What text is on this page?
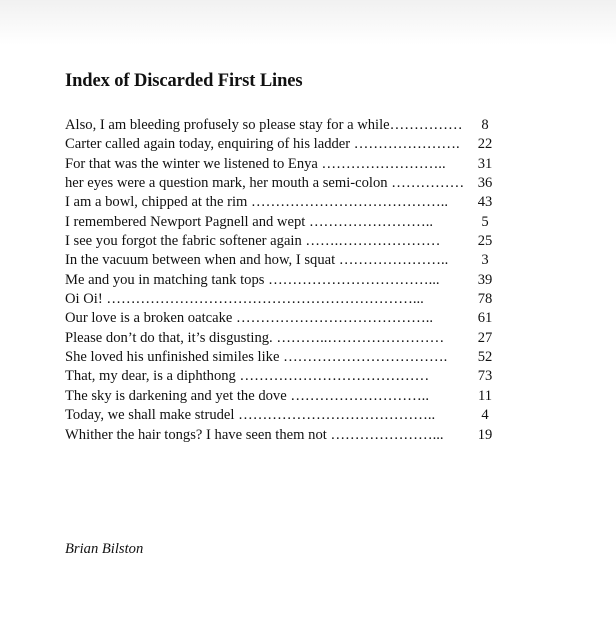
Index of Discarded First Lines
Also, I am bleeding profusely so please stay for a while……………	8
Carter called again today, enquiring of his ladder ………………….	22
For that was the winter we listened to Enya ……………………..	31
her eyes were a question mark, her mouth a semi-colon …………… 36
I am a bowl, chipped at the rim …………………………………..	43
I remembered Newport Pagnell and wept ……………………..	5
I see you forgot the fabric softener again …….…………………	25
In the vacuum between when and how, I squat …………………..	3
Me and you in matching tank tops ……………………………...	39
Oi Oi! ………………………………………………………...	78
Our love is a broken oatcake …………………………………..	61
Please don’t do that, it’s disgusting. ………..……………………	27
She loved his unfinished similes like …………………………….	52
That, my dear, is a diphthong …………………………………	73
The sky is darkening and yet the dove ………………………..	11
Today, we shall make strudel …………………………………..	4
Whither the hair tongs? I have seen them not …………………...	19
Brian Bilston
